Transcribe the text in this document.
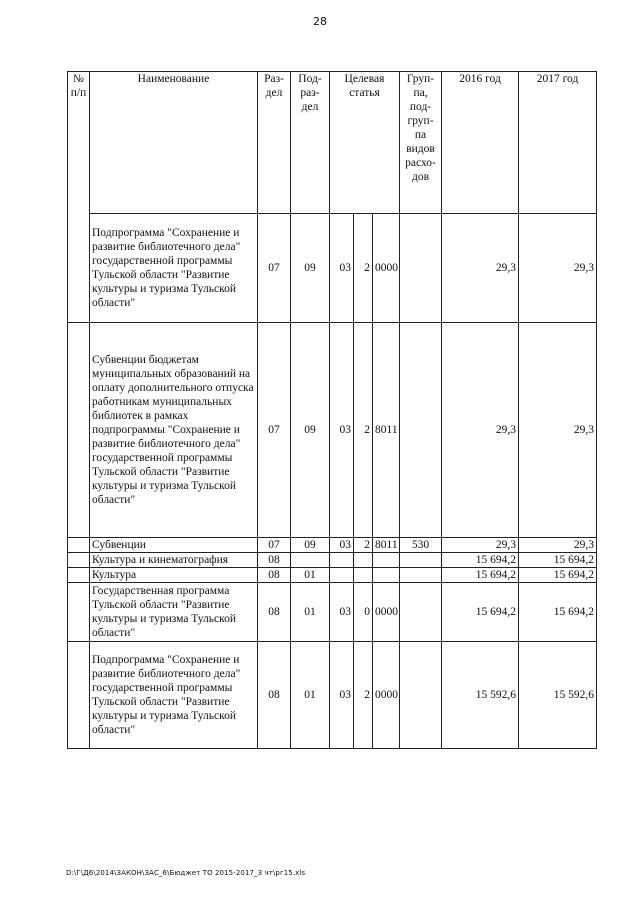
28
№ п/п	Наименование	Раз-дел	Под-раз-дел	Целевая статья			Груп-па, под-груп-па видов расхо-дов	2016 год	2017 год
	Подпрограмма "Сохранение и развитие библиотечного дела" государственной программы Тульской области "Развитие культуры и туризма Тульской области"	07	09	03	2	0000		29,3	29,3
	Субвенции бюджетам муниципальных образований на оплату дополнительного отпуска работникам муниципальных библиотек в рамках подпрограммы "Сохранение и развитие библиотечного дела" государственной программы Тульской области "Развитие культуры и туризма Тульской области"	07	09	03	2	8011		29,3	29,3
	Субвенции	07	09	03	2	8011	530	29,3	29,3
	Культура и кинематография	08						15 694,2	15 694,2
	Культура	08	01					15 694,2	15 694,2
	Государственная программа Тульской области "Развитие культуры и туризма Тульской области"	08	01	03	0	0000		15 694,2	15 694,2
	Подпрограмма "Сохранение и развитие библиотечного дела" государственной программы Тульской области "Развитие культуры и туризма Тульской области"	08	01	03	2	0000		15 592,6	15 592,6
D:\Г\Д6\2014\ЗАКОН\ЗАС_6\Бюджет ТО 2015-2017_3 чт\рг15.xls
